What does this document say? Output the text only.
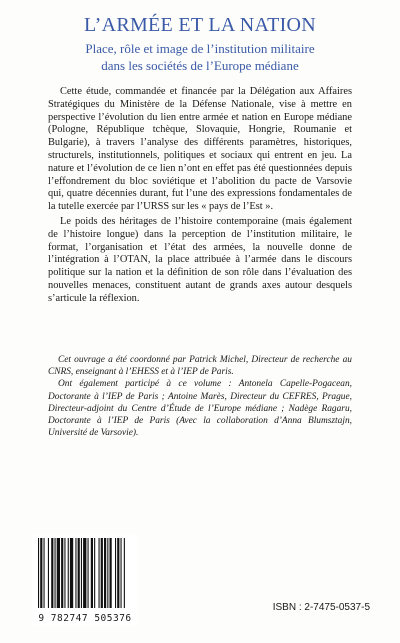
L’ARMÉE ET LA NATION
Place, rôle et image de l’institution militaire
dans les sociétés de l’Europe médiane

Cette étude, commandée et financée par la Délégation aux Affaires Stratégiques du Ministère de la Défense Nationale, vise à mettre en perspective l’évolution du lien entre armée et nation en Europe médiane (Pologne, République tchèque, Slovaquie, Hongrie, Roumanie et Bulgarie), à travers l’analyse des différents paramètres, historiques, structurels, institutionnels, politiques et sociaux qui entrent en jeu. La nature et l’évolution de ce lien n’ont en effet pas été questionnées depuis l’effondrement du bloc soviétique et l’abolition du pacte de Varsovie qui, quatre décennies durant, fut l’une des expressions fondamentales de la tutelle exercée par l’URSS sur les « pays de l’Est ».

Le poids des héritages de l’histoire contemporaine (mais également de l’histoire longue) dans la perception de l’institution militaire, le format, l’organisation et l’état des armées, la nouvelle donne de l’intégration à l’OTAN, la place attribuée à l’armée dans le discours politique sur la nation et la définition de son rôle dans l’évaluation des nouvelles menaces, constituent autant de grands axes autour desquels s’articule la réflexion.

Cet ouvrage a été coordonné par Patrick Michel, Directeur de recherche au CNRS, enseignant à l’EHESS et à l’IEP de Paris.

Ont également participé à ce volume : Antonela Capelle-Pogacean, Doctorante à l’IEP de Paris ; Antoine Marès, Directeur du CEFRES, Prague, Directeur-adjoint du Centre d’Étude de l’Europe médiane ; Nadège Ragaru, Doctorante à l’IEP de Paris (Avec la collaboration d’Anna Blumsztajn, Université de Varsovie).

9 782747 505376
ISBN : 2-7475-0537-5
